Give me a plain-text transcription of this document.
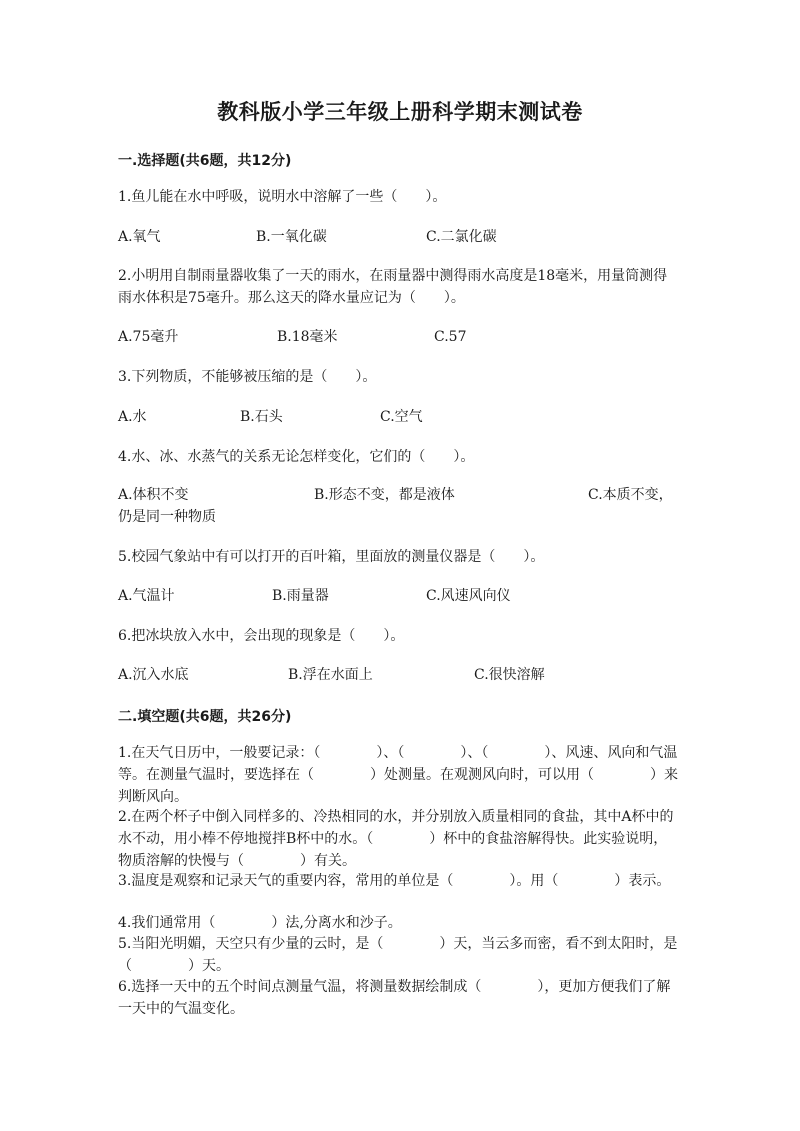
教科版小学三年级上册科学期末测试卷
一.选择题(共6题，共12分)
1.鱼儿能在水中呼吸，说明水中溶解了一些（　　）。
A.氧气	B.一氧化碳	C.二氯化碳
2.小明用自制雨量器收集了一天的雨水，在雨量器中测得雨水高度是18毫米，用量筒测得雨水体积是75毫升。那么这天的降水量应记为（　　）。
A.75毫升	B.18毫米	C.57
3.下列物质，不能够被压缩的是（　　）。
A.水	B.石头	C.空气
4.水、冰、水蒸气的关系无论怎样变化，它们的（　　）。
A.体积不变	B.形态不变，都是液体	C.本质不变，仍是同一种物质
5.校园气象站中有可以打开的百叶箱，里面放的测量仪器是（　　）。
A.气温计	B.雨量器	C.风速风向仪
6.把冰块放入水中，会出现的现象是（　　）。
A.沉入水底	B.浮在水面上	C.很快溶解
二.填空题(共6题，共26分)
1.在天气日历中，一般要记录：（　　　　）、（　　　　）、（　　　　）、风速、风向和气温等。在测量气温时，要选择在（　　　　）处测量。在观测风向时，可以用（　　　　）来判断风向。
2.在两个杯子中倒入同样多的、冷热相同的水，并分别放入质量相同的食盐，其中A杯中的水不动，用小棒不停地搅拌B杯中的水。（　　　　）杯中的食盐溶解得快。此实验说明，物质溶解的快慢与（　　　　）有关。
3.温度是观察和记录天气的重要内容，常用的单位是（　　　　）。用（　　　　）表示。
4.我们通常用（　　　　）法,分离水和沙子。
5.当阳光明媚，天空只有少量的云时，是（　　　　）天，当云多而密，看不到太阳时，是（　　　　）天。
6.选择一天中的五个时间点测量气温，将测量数据绘制成（　　　　），更加方便我们了解一天中的气温变化。
